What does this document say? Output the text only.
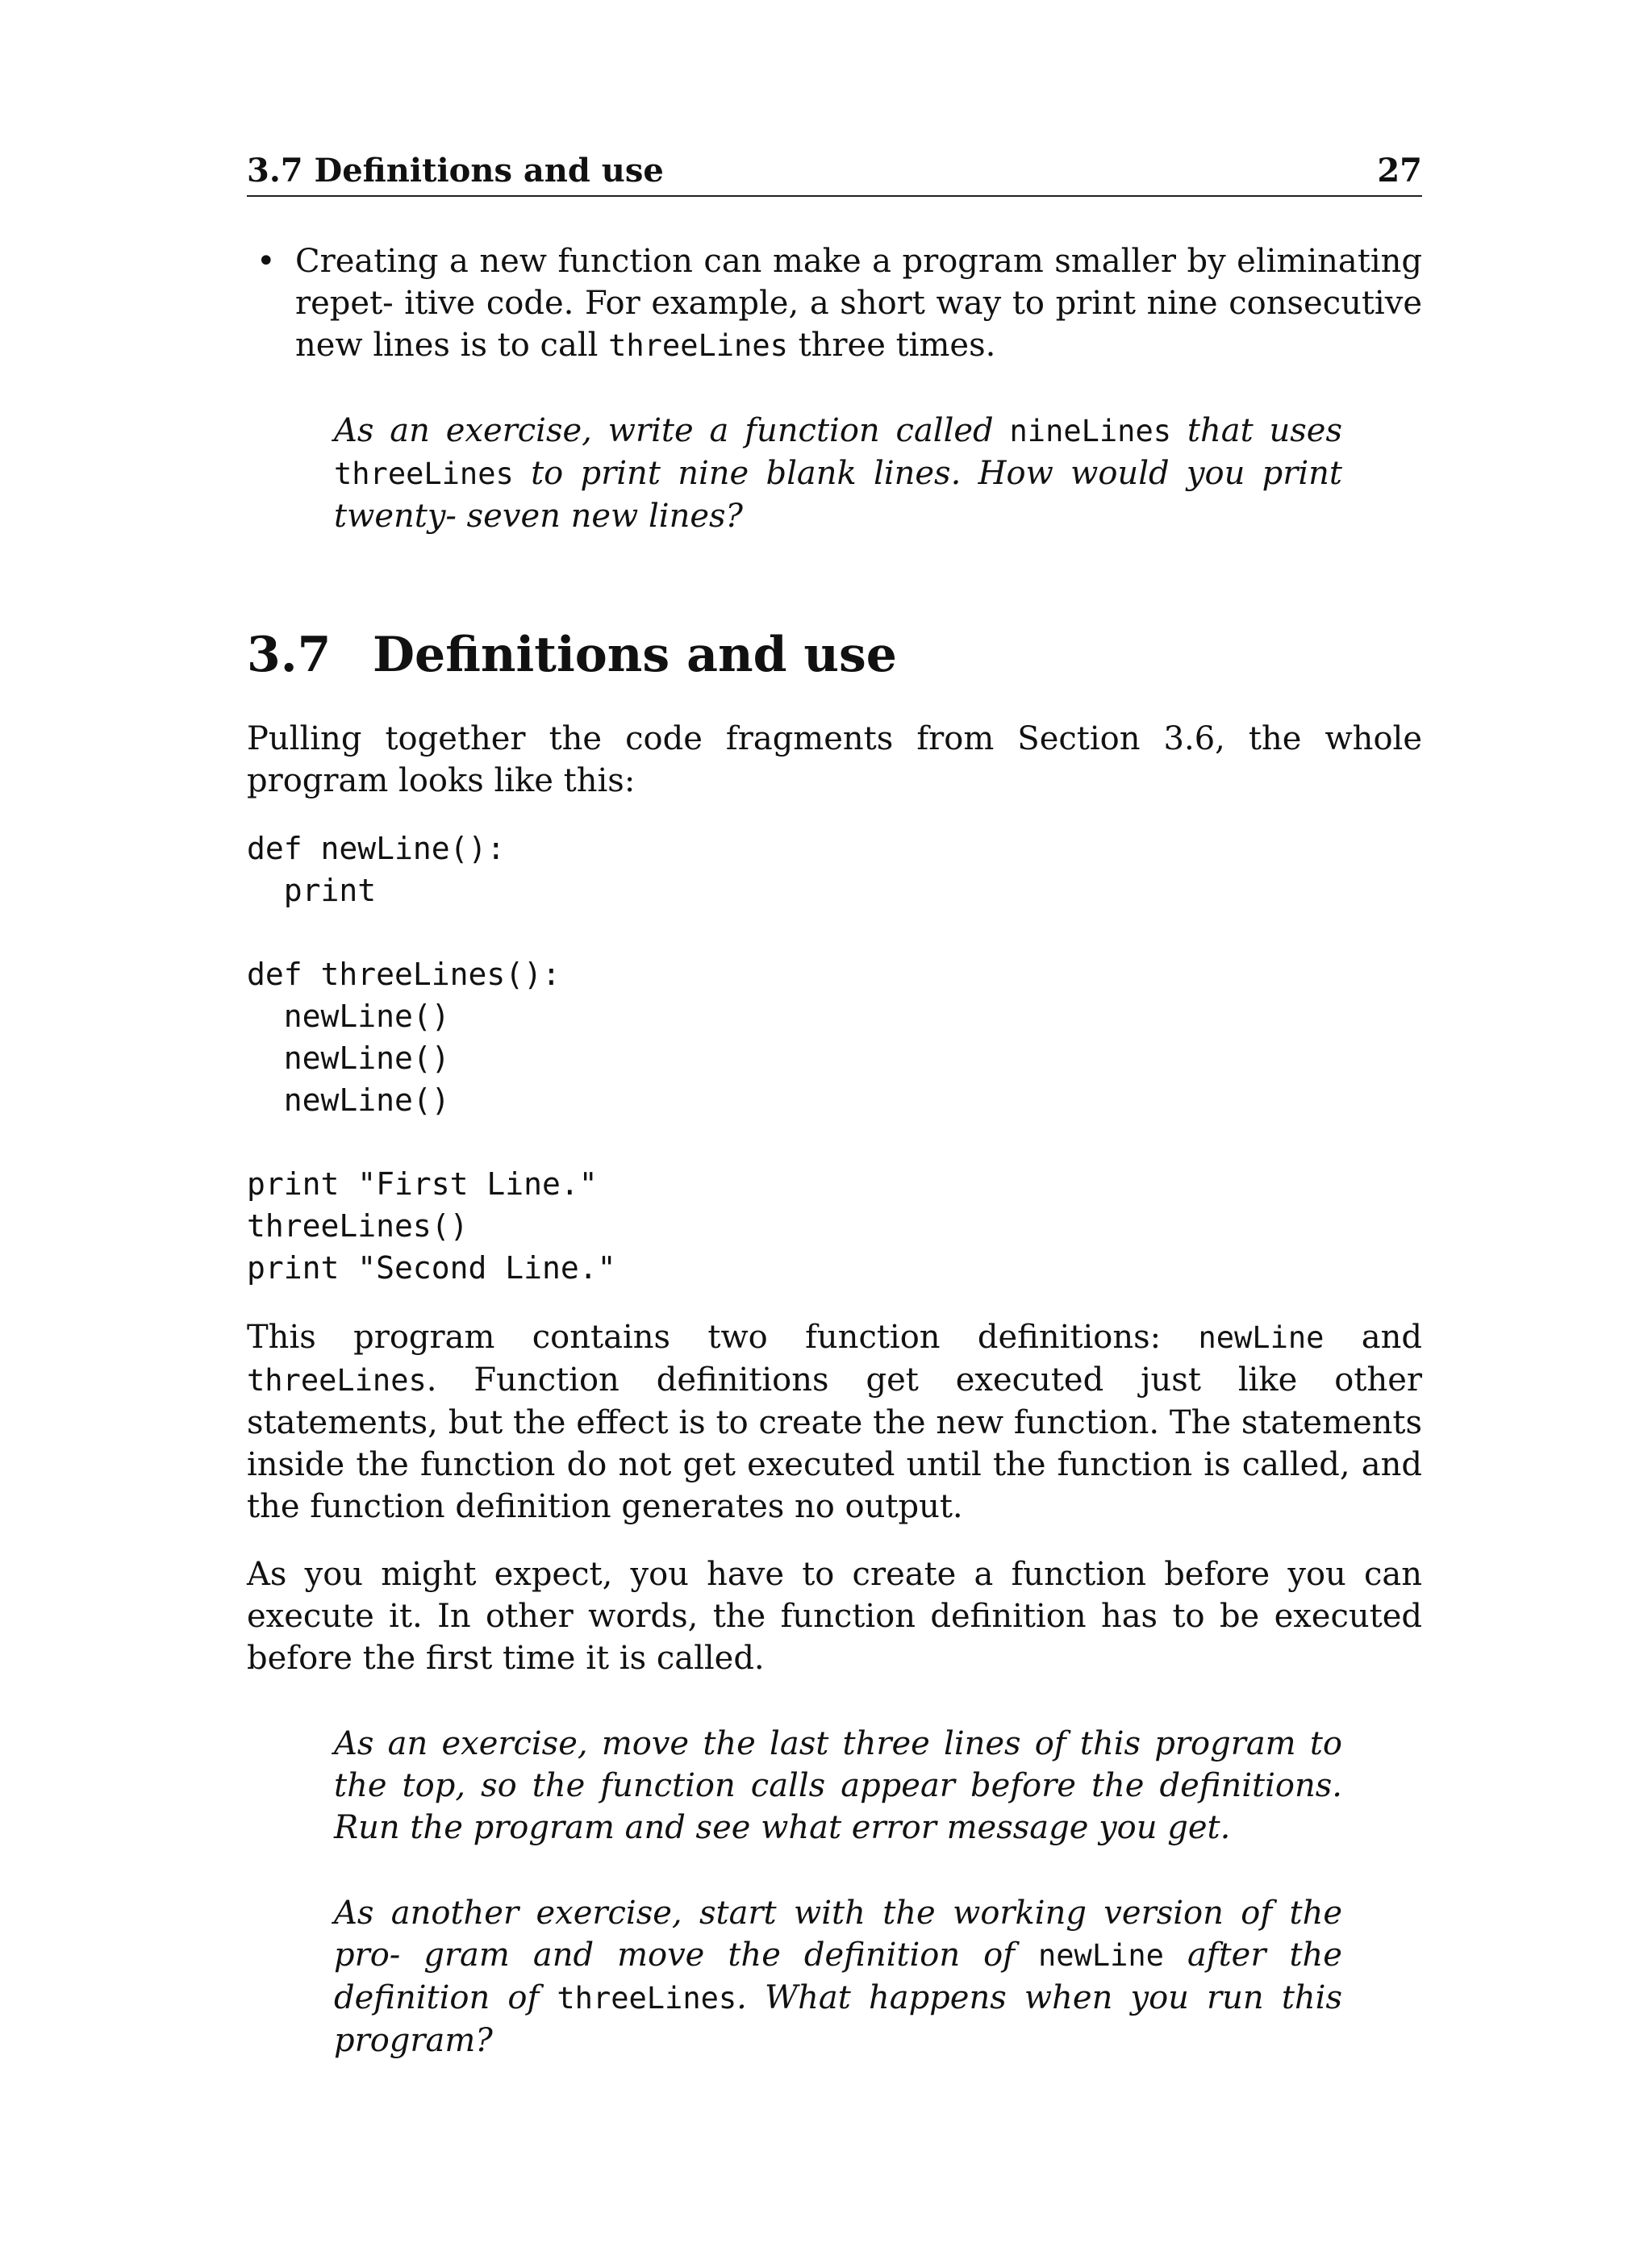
3.7 Definitions and use	27
• Creating a new function can make a program smaller by eliminating repet- itive code. For example, a short way to print nine consecutive new lines is to call threeLines three times.
As an exercise, write a function called nineLines that uses threeLines to print nine blank lines. How would you print twenty- seven new lines?
3.7 Definitions and use
Pulling together the code fragments from Section 3.6, the whole program looks like this:
def newLine():
print
def threeLines():
newLine()
newLine()
newLine()
print "First Line."
threeLines()
print "Second Line."
This program contains two function definitions: newLine and threeLines. Function definitions get executed just like other statements, but the effect is to create the new function. The statements inside the function do not get executed until the function is called, and the function definition generates no output.
As you might expect, you have to create a function before you can execute it. In other words, the function definition has to be executed before the first time it is called.
As an exercise, move the last three lines of this program to the top, so the function calls appear before the definitions. Run the program and see what error message you get.
As another exercise, start with the working version of the pro- gram and move the definition of newLine after the definition of threeLines. What happens when you run this program?
